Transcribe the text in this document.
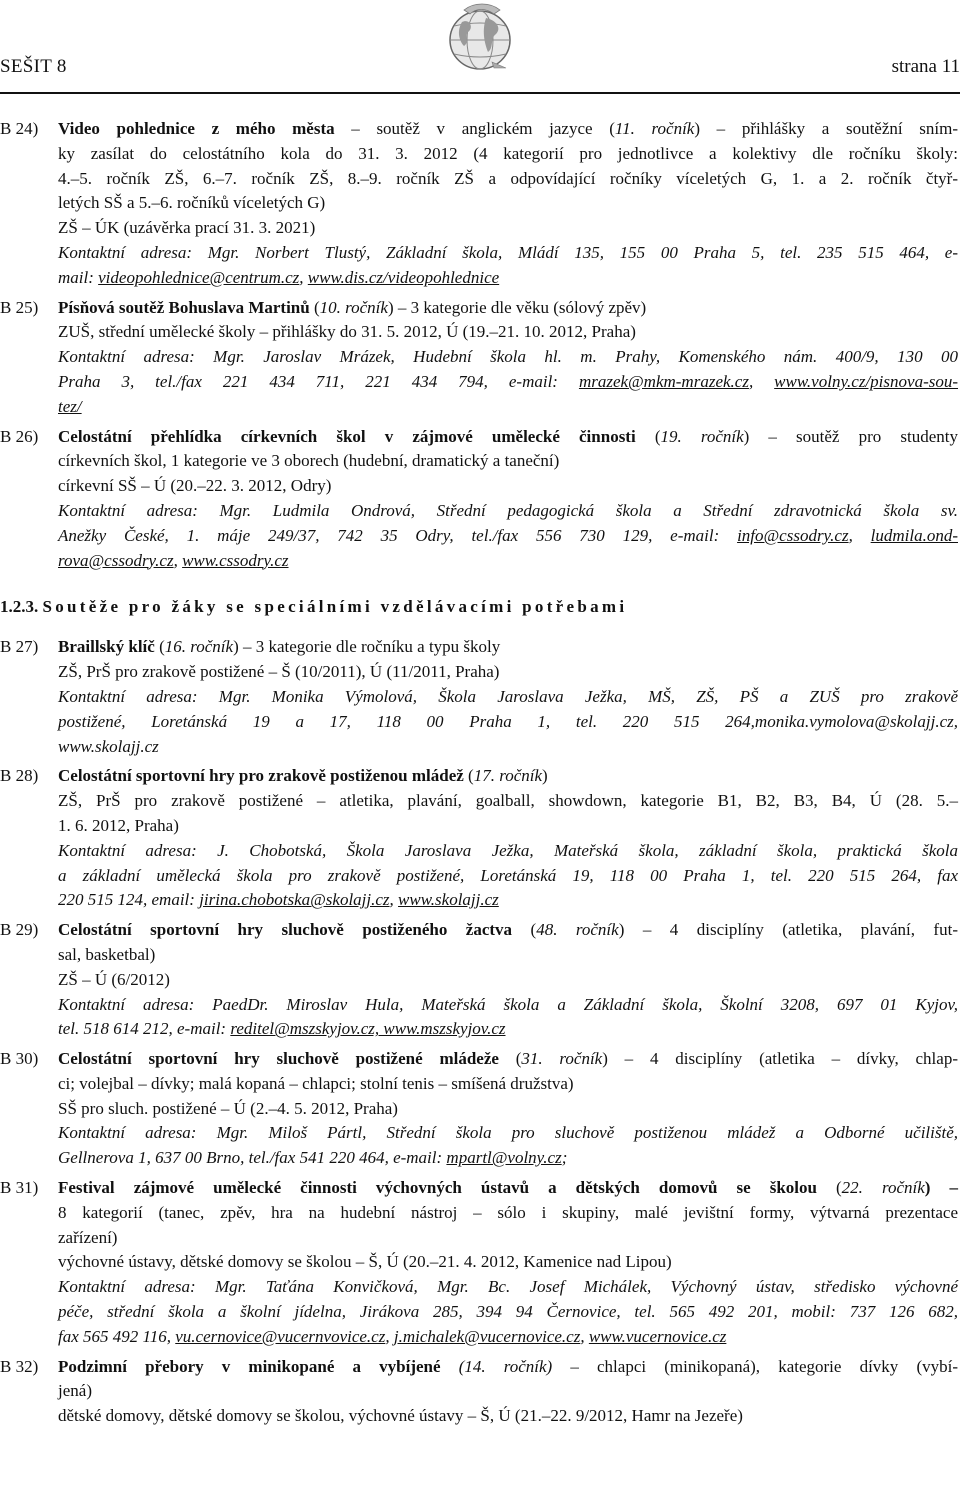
SEŠIT 8	strana 11
B 24)	Video pohlednice z mého města – soutěž v anglickém jazyce (11. ročník) – přihlášky a soutěžní sním-
ky zasílat do celostátního kola do 31. 3. 2012 (4 kategorií pro jednotlivce a kolektivy dle ročníku školy:
4.–5. ročník ZŠ, 6.–7. ročník ZŠ, 8.–9. ročník ZŠ a odpovídající ročníky víceletých G, 1. a 2. ročník čtyř-
letých SŠ a 5.–6. ročníků víceletých G)
ZŠ – ÚK (uzávěrka prací 31. 3. 2021)
Kontaktní adresa: Mgr. Norbert Tlustý, Základní škola, Mládí 135, 155 00 Praha 5, tel. 235 515 464, e-
mail: videopohlednice@centrum.cz, www.dis.cz/videopohlednice
B 25)	Písňová soutěž Bohuslava Martinů (10. ročník) – 3 kategorie dle věku (sólový zpěv)
ZUŠ, střední umělecké školy – přihlášky do 31. 5. 2012, Ú (19.–21. 10. 2012, Praha)
Kontaktní adresa: Mgr. Jaroslav Mrázek, Hudební škola hl. m. Prahy, Komenského nám. 400/9, 130 00
Praha 3, tel./fax 221 434 711, 221 434 794, e-mail: mrazek@mkm-mrazek.cz, www.volny.cz/pisnova-sou-
tez/
B 26)	Celostátní přehlídka církevních škol v zájmové umělecké činnosti (19. ročník) – soutěž pro studenty
církevních škol, 1 kategorie ve 3 oborech (hudební, dramatický a taneční)
církevní SŠ – Ú (20.–22. 3. 2012, Odry)
Kontaktní adresa: Mgr. Ludmila Ondrová, Střední pedagogická škola a Střední zdravotnická škola sv.
Anežky České, 1. máje 249/37, 742 35 Odry, tel./fax 556 730 129, e-mail: info@cssodry.cz, ludmila.ond-
rova@cssodry.cz, www.cssodry.cz
1.2.3. Soutěže pro žáky se speciálními vzdělávacími potřebami
B 27)	Braillský klíč (16. ročník) – 3 kategorie dle ročníku a typu školy
ZŠ, PrŠ pro zrakově postižené – Š (10/2011), Ú (11/2011, Praha)
Kontaktní adresa: Mgr. Monika Výmolová, Škola Jaroslava Ježka, MŠ, ZŠ, PŠ a ZUŠ pro zrakově
postižené, Loretánská 19 a 17, 118 00 Praha 1, tel. 220 515 264,monika.vymolova@skolajj.cz,
www.skolajj.cz
B 28)	Celostátní sportovní hry pro zrakově postiženou mládež (17. ročník)
ZŠ, PrŠ pro zrakově postižené – atletika, plavání, goalball, showdown, kategorie B1, B2, B3, B4, Ú (28. 5.–
1. 6. 2012, Praha)
Kontaktní adresa: J. Chobotská, Škola Jaroslava Ježka, Mateřská škola, základní škola, praktická škola
a základní umělecká škola pro zrakově postižené, Loretánská 19, 118 00 Praha 1, tel. 220 515 264, fax
220 515 124, email: jirina.chobotska@skolajj.cz, www.skolajj.cz
B 29)	Celostátní sportovní hry sluchově postiženého žactva (48. ročník) – 4 disciplíny (atletika, plavání, fut-
sal, basketbal)
ZŠ – Ú (6/2012)
Kontaktní adresa: PaedDr. Miroslav Hula, Mateřská škola a Základní škola, Školní 3208, 697 01 Kyjov,
tel. 518 614 212, e-mail: reditel@mszskyjov.cz, www.mszskyjov.cz
B 30)	Celostátní sportovní hry sluchově postižené mládeže (31. ročník) – 4 disciplíny (atletika – dívky, chlap-
ci; volejbal – dívky; malá kopaná – chlapci; stolní tenis – smíšená družstva)
SŠ pro sluch. postižené – Ú (2.–4. 5. 2012, Praha)
Kontaktní adresa: Mgr. Miloš Pártl, Střední škola pro sluchově postiženou mládež a Odborné učiliště,
Gellnerova 1, 637 00 Brno, tel./fax 541 220 464, e-mail: mpartl@volny.cz;
B 31)	Festival zájmové umělecké činnosti výchovných ústavů a dětských domovů se školou (22. ročník) –
8 kategorií (tanec, zpěv, hra na hudební nástroj – sólo i skupiny, malé jevištní formy, výtvarná prezentace
zařízení)
výchovné ústavy, dětské domovy se školou – Š, Ú (20.–21. 4. 2012, Kamenice nad Lipou)
Kontaktní adresa: Mgr. Taťána Konvičková, Mgr. Bc. Josef Michálek, Výchovný ústav, středisko výchovné
péče, střední škola a školní jídelna, Jirákova 285, 394 94 Černovice, tel. 565 492 201, mobil: 737 126 682,
fax 565 492 116, vu.cernovice@vucernvovice.cz, j.michalek@vucernovice.cz, www.vucernovice.cz
B 32)	Podzimní přebory v minikopané a vybíjené (14. ročník) – chlapci (minikopaná), kategorie dívky (vybí-
jená)
dětské domovy, dětské domovy se školou, výchovné ústavy – Š, Ú (21.–22. 9/2012, Hamr na Jezeře)
